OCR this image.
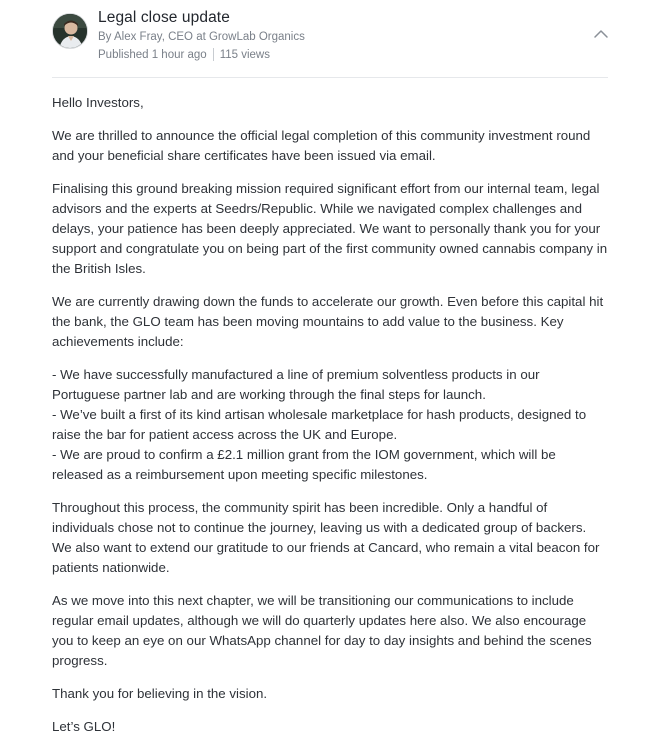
Legal close update
By Alex Fray, CEO at GrowLab Organics
Published 1 hour ago 115 views

Hello Investors,

We are thrilled to announce the official legal completion of this community investment round and your beneficial share certificates have been issued via email.

Finalising this ground breaking mission required significant effort from our internal team, legal advisors and the experts at Seedrs/Republic. While we navigated complex challenges and delays, your patience has been deeply appreciated. We want to personally thank you for your support and congratulate you on being part of the first community owned cannabis company in the British Isles.

We are currently drawing down the funds to accelerate our growth. Even before this capital hit the bank, the GLO team has been moving mountains to add value to the business. Key achievements include:

- We have successfully manufactured a line of premium solventless products in our Portuguese partner lab and are working through the final steps for launch.

- We’ve built a first of its kind artisan wholesale marketplace for hash products, designed to raise the bar for patient access across the UK and Europe.

- We are proud to confirm a £2.1 million grant from the IOM government, which will be released as a reimbursement upon meeting specific milestones.

Throughout this process, the community spirit has been incredible. Only a handful of individuals chose not to continue the journey, leaving us with a dedicated group of backers. We also want to extend our gratitude to our friends at Cancard, who remain a vital beacon for patients nationwide.

As we move into this next chapter, we will be transitioning our communications to include regular email updates, although we will do quarterly updates here also. We also encourage you to keep an eye on our WhatsApp channel for day to day insights and behind the scenes progress.

Thank you for believing in the vision.

Let’s GLO!
